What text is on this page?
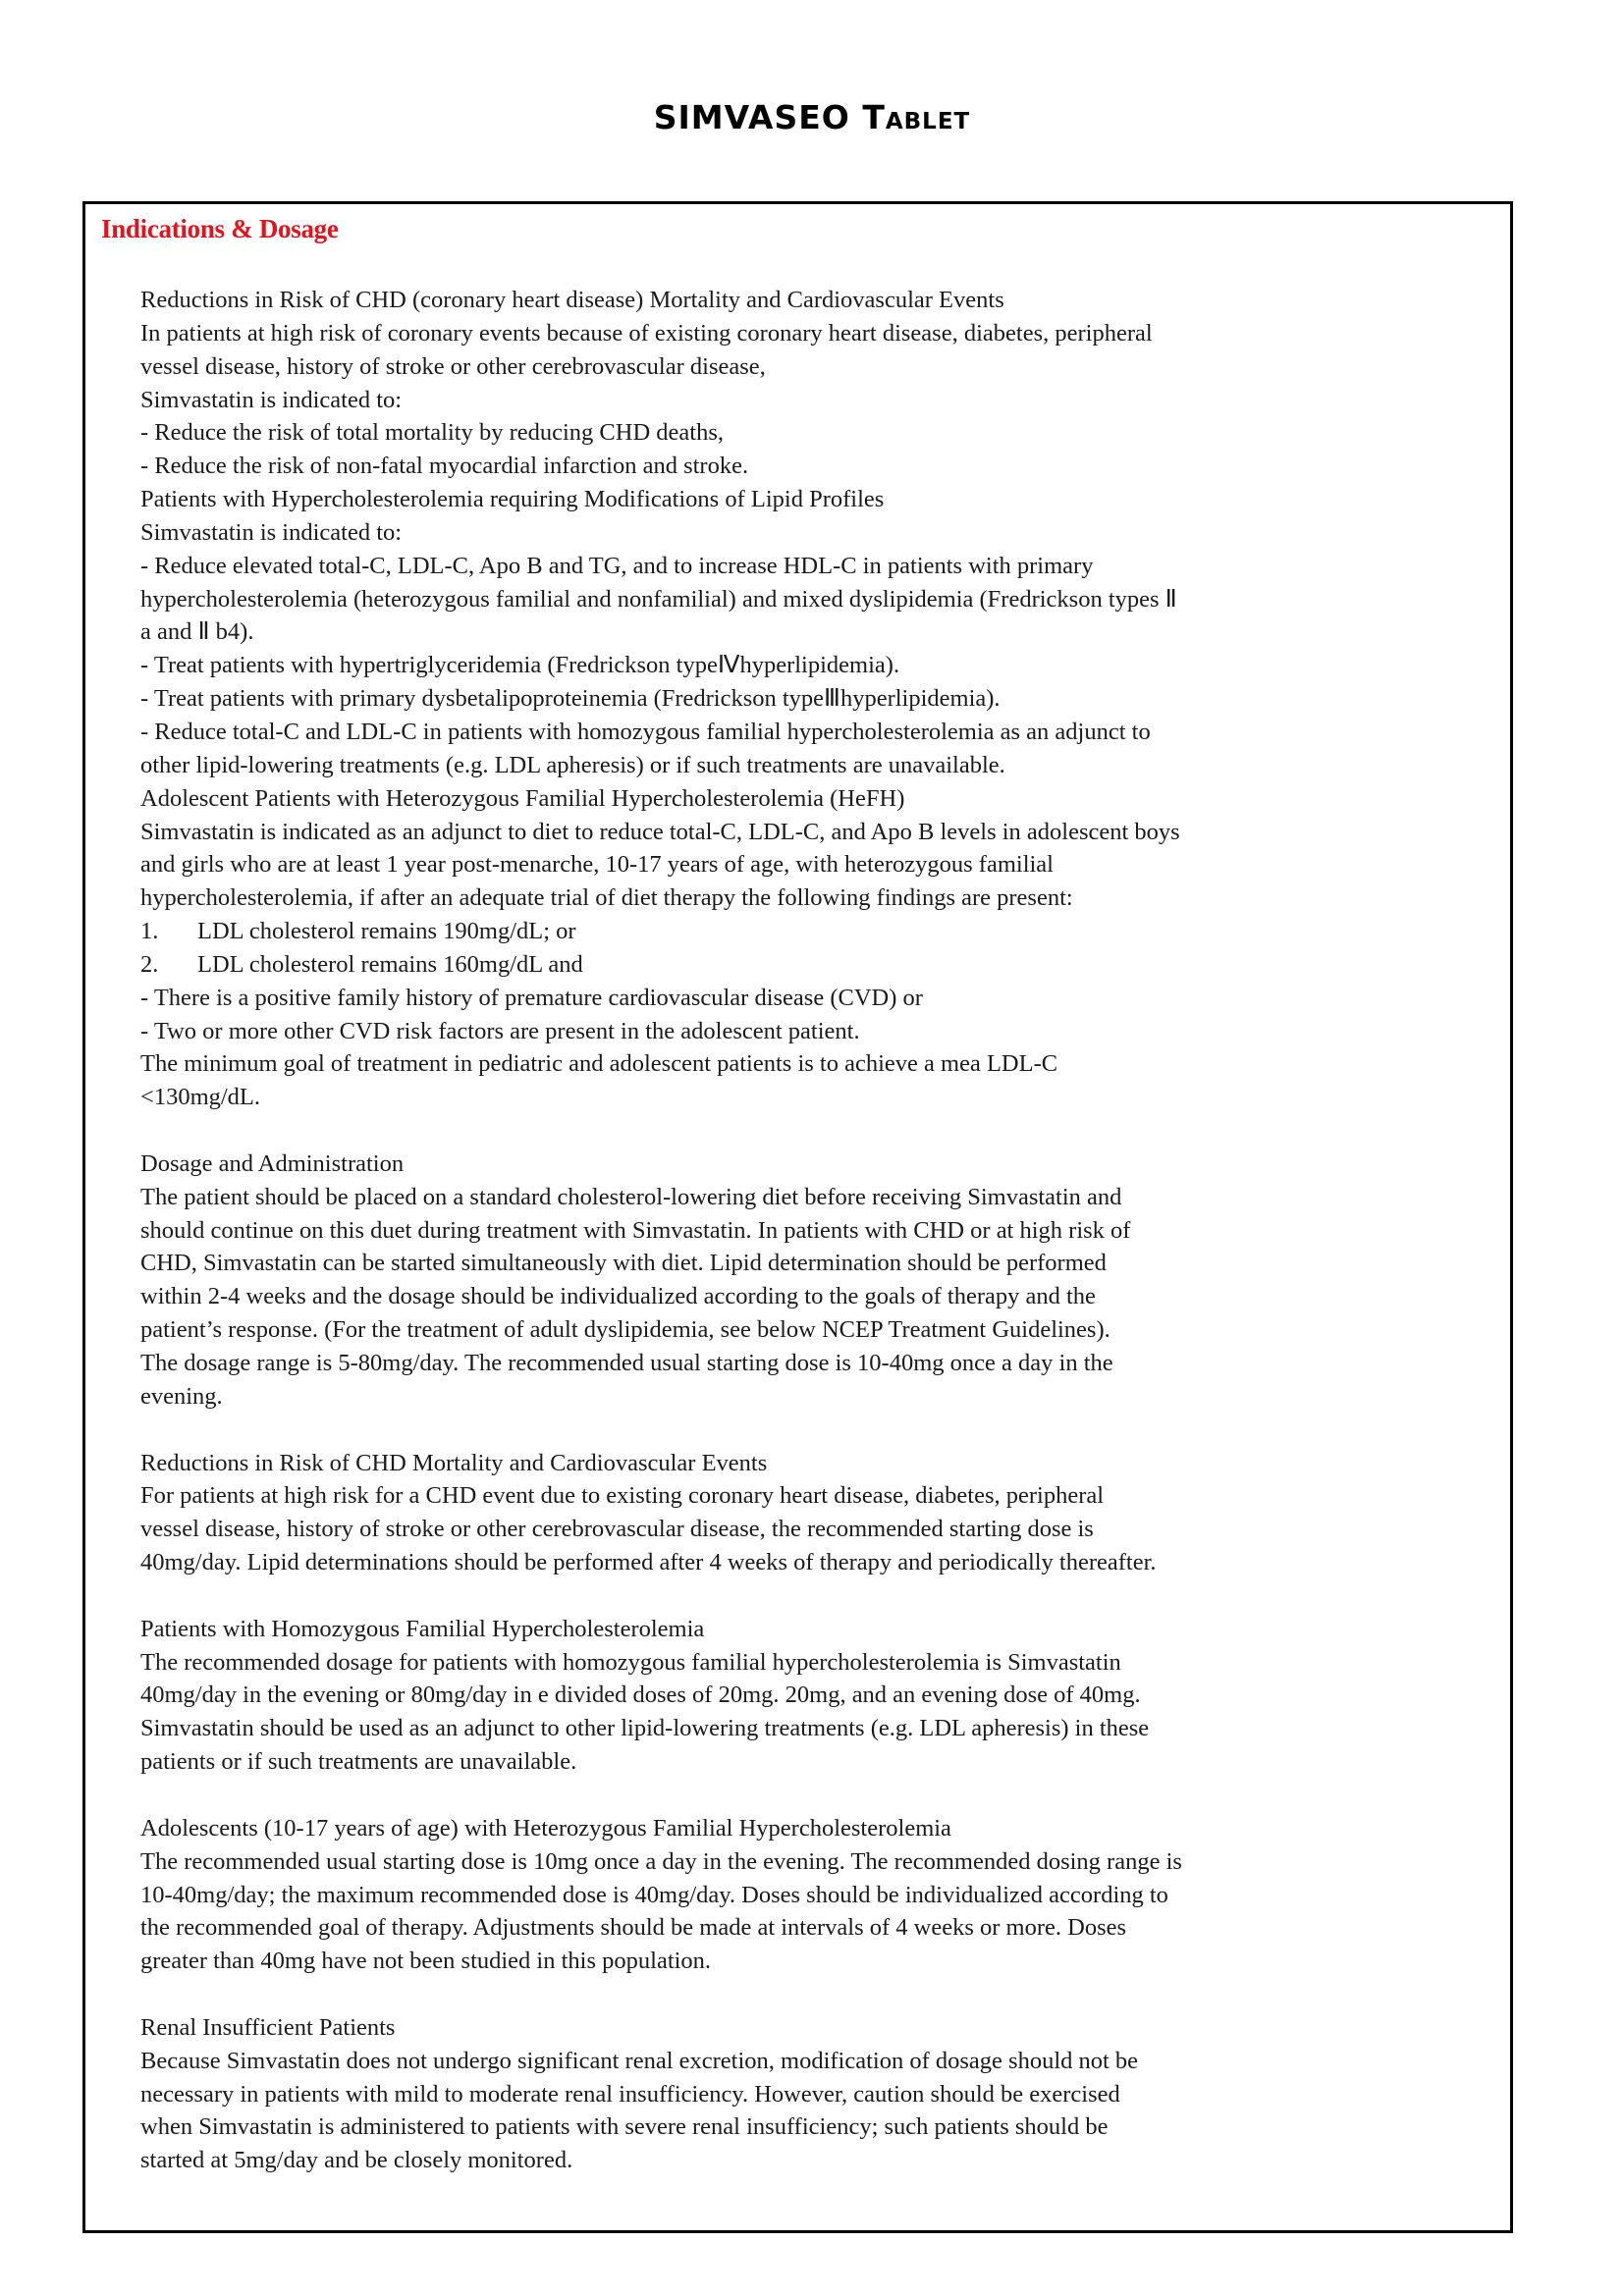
SIMVASEO Tablet
Indications & Dosage
Reductions in Risk of CHD (coronary heart disease) Mortality and Cardiovascular Events
In patients at high risk of coronary events because of existing coronary heart disease, diabetes, peripheral
vessel disease, history of stroke or other cerebrovascular disease,
Simvastatin is indicated to:
- Reduce the risk of total mortality by reducing CHD deaths,
- Reduce the risk of non-fatal myocardial infarction and stroke.
Patients with Hypercholesterolemia requiring Modifications of Lipid Profiles
Simvastatin is indicated to:
- Reduce elevated total-C, LDL-C, Apo B and TG, and to increase HDL-C in patients with primary
hypercholesterolemia (heterozygous familial and nonfamilial) and mixed dyslipidemia (Fredrickson types Ⅱ
a and Ⅱ b4).
- Treat patients with hypertriglyceridemia (Fredrickson typeⅣhyperlipidemia).
- Treat patients with primary dysbetalipoproteinemia (Fredrickson typeⅢhyperlipidemia).
- Reduce total-C and LDL-C in patients with homozygous familial hypercholesterolemia as an adjunct to
other lipid-lowering treatments (e.g. LDL apheresis) or if such treatments are unavailable.
Adolescent Patients with Heterozygous Familial Hypercholesterolemia (HeFH)
Simvastatin is indicated as an adjunct to diet to reduce total-C, LDL-C, and Apo B levels in adolescent boys
and girls who are at least 1 year post-menarche, 10-17 years of age, with heterozygous familial
hypercholesterolemia, if after an adequate trial of diet therapy the following findings are present:
1.	LDL cholesterol remains 190mg/dL; or
2.	LDL cholesterol remains 160mg/dL and
- There is a positive family history of premature cardiovascular disease (CVD) or
- Two or more other CVD risk factors are present in the adolescent patient.
The minimum goal of treatment in pediatric and adolescent patients is to achieve a mea LDL-C
<130mg/dL.
Dosage and Administration
The patient should be placed on a standard cholesterol-lowering diet before receiving Simvastatin and
should continue on this duet during treatment with Simvastatin. In patients with CHD or at high risk of
CHD, Simvastatin can be started simultaneously with diet. Lipid determination should be performed
within 2-4 weeks and the dosage should be individualized according to the goals of therapy and the
patient’s response. (For the treatment of adult dyslipidemia, see below NCEP Treatment Guidelines).
The dosage range is 5-80mg/day. The recommended usual starting dose is 10-40mg once a day in the
evening.
Reductions in Risk of CHD Mortality and Cardiovascular Events
For patients at high risk for a CHD event due to existing coronary heart disease, diabetes, peripheral
vessel disease, history of stroke or other cerebrovascular disease, the recommended starting dose is
40mg/day. Lipid determinations should be performed after 4 weeks of therapy and periodically thereafter.
Patients with Homozygous Familial Hypercholesterolemia
The recommended dosage for patients with homozygous familial hypercholesterolemia is Simvastatin
40mg/day in the evening or 80mg/day in e divided doses of 20mg. 20mg, and an evening dose of 40mg.
Simvastatin should be used as an adjunct to other lipid-lowering treatments (e.g. LDL apheresis) in these
patients or if such treatments are unavailable.
Adolescents (10-17 years of age) with Heterozygous Familial Hypercholesterolemia
The recommended usual starting dose is 10mg once a day in the evening. The recommended dosing range is
10-40mg/day; the maximum recommended dose is 40mg/day. Doses should be individualized according to
the recommended goal of therapy. Adjustments should be made at intervals of 4 weeks or more. Doses
greater than 40mg have not been studied in this population.
Renal Insufficient Patients
Because Simvastatin does not undergo significant renal excretion, modification of dosage should not be
necessary in patients with mild to moderate renal insufficiency. However, caution should be exercised
when Simvastatin is administered to patients with severe renal insufficiency; such patients should be
started at 5mg/day and be closely monitored.
